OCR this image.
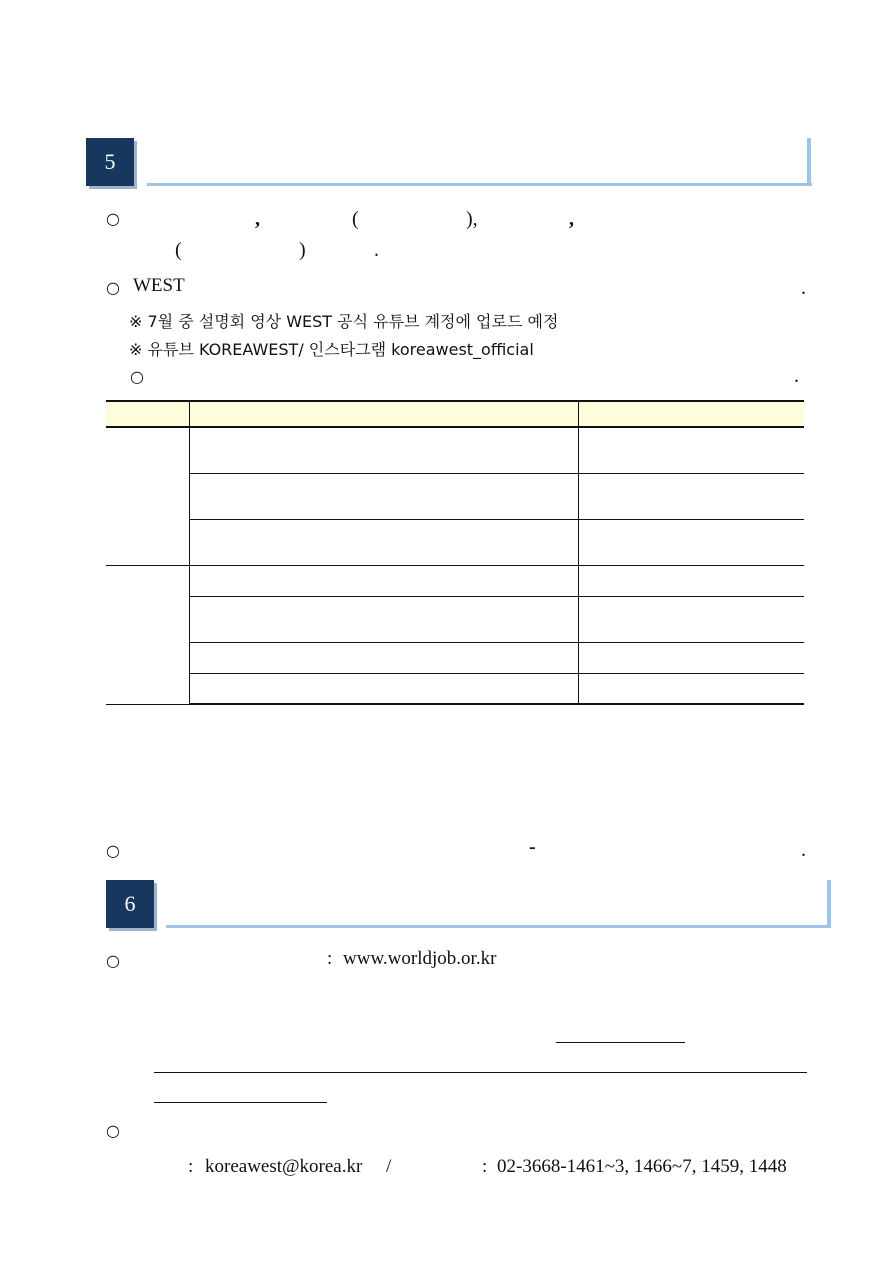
5
○	,	(	),	,
(	)	.
○ WEST	.
※ 7월 중 설명회 영상 WEST 공식 유튜브 계정에 업로드 예정
※ 유튜브 KOREAWEST/ 인스타그램 koreawest_official
○	.

○	-	.
6
○	: www.worldjob.or.kr
○
: koreawest@korea.kr /	: 02-3668-1461~3, 1466~7, 1459, 1448
